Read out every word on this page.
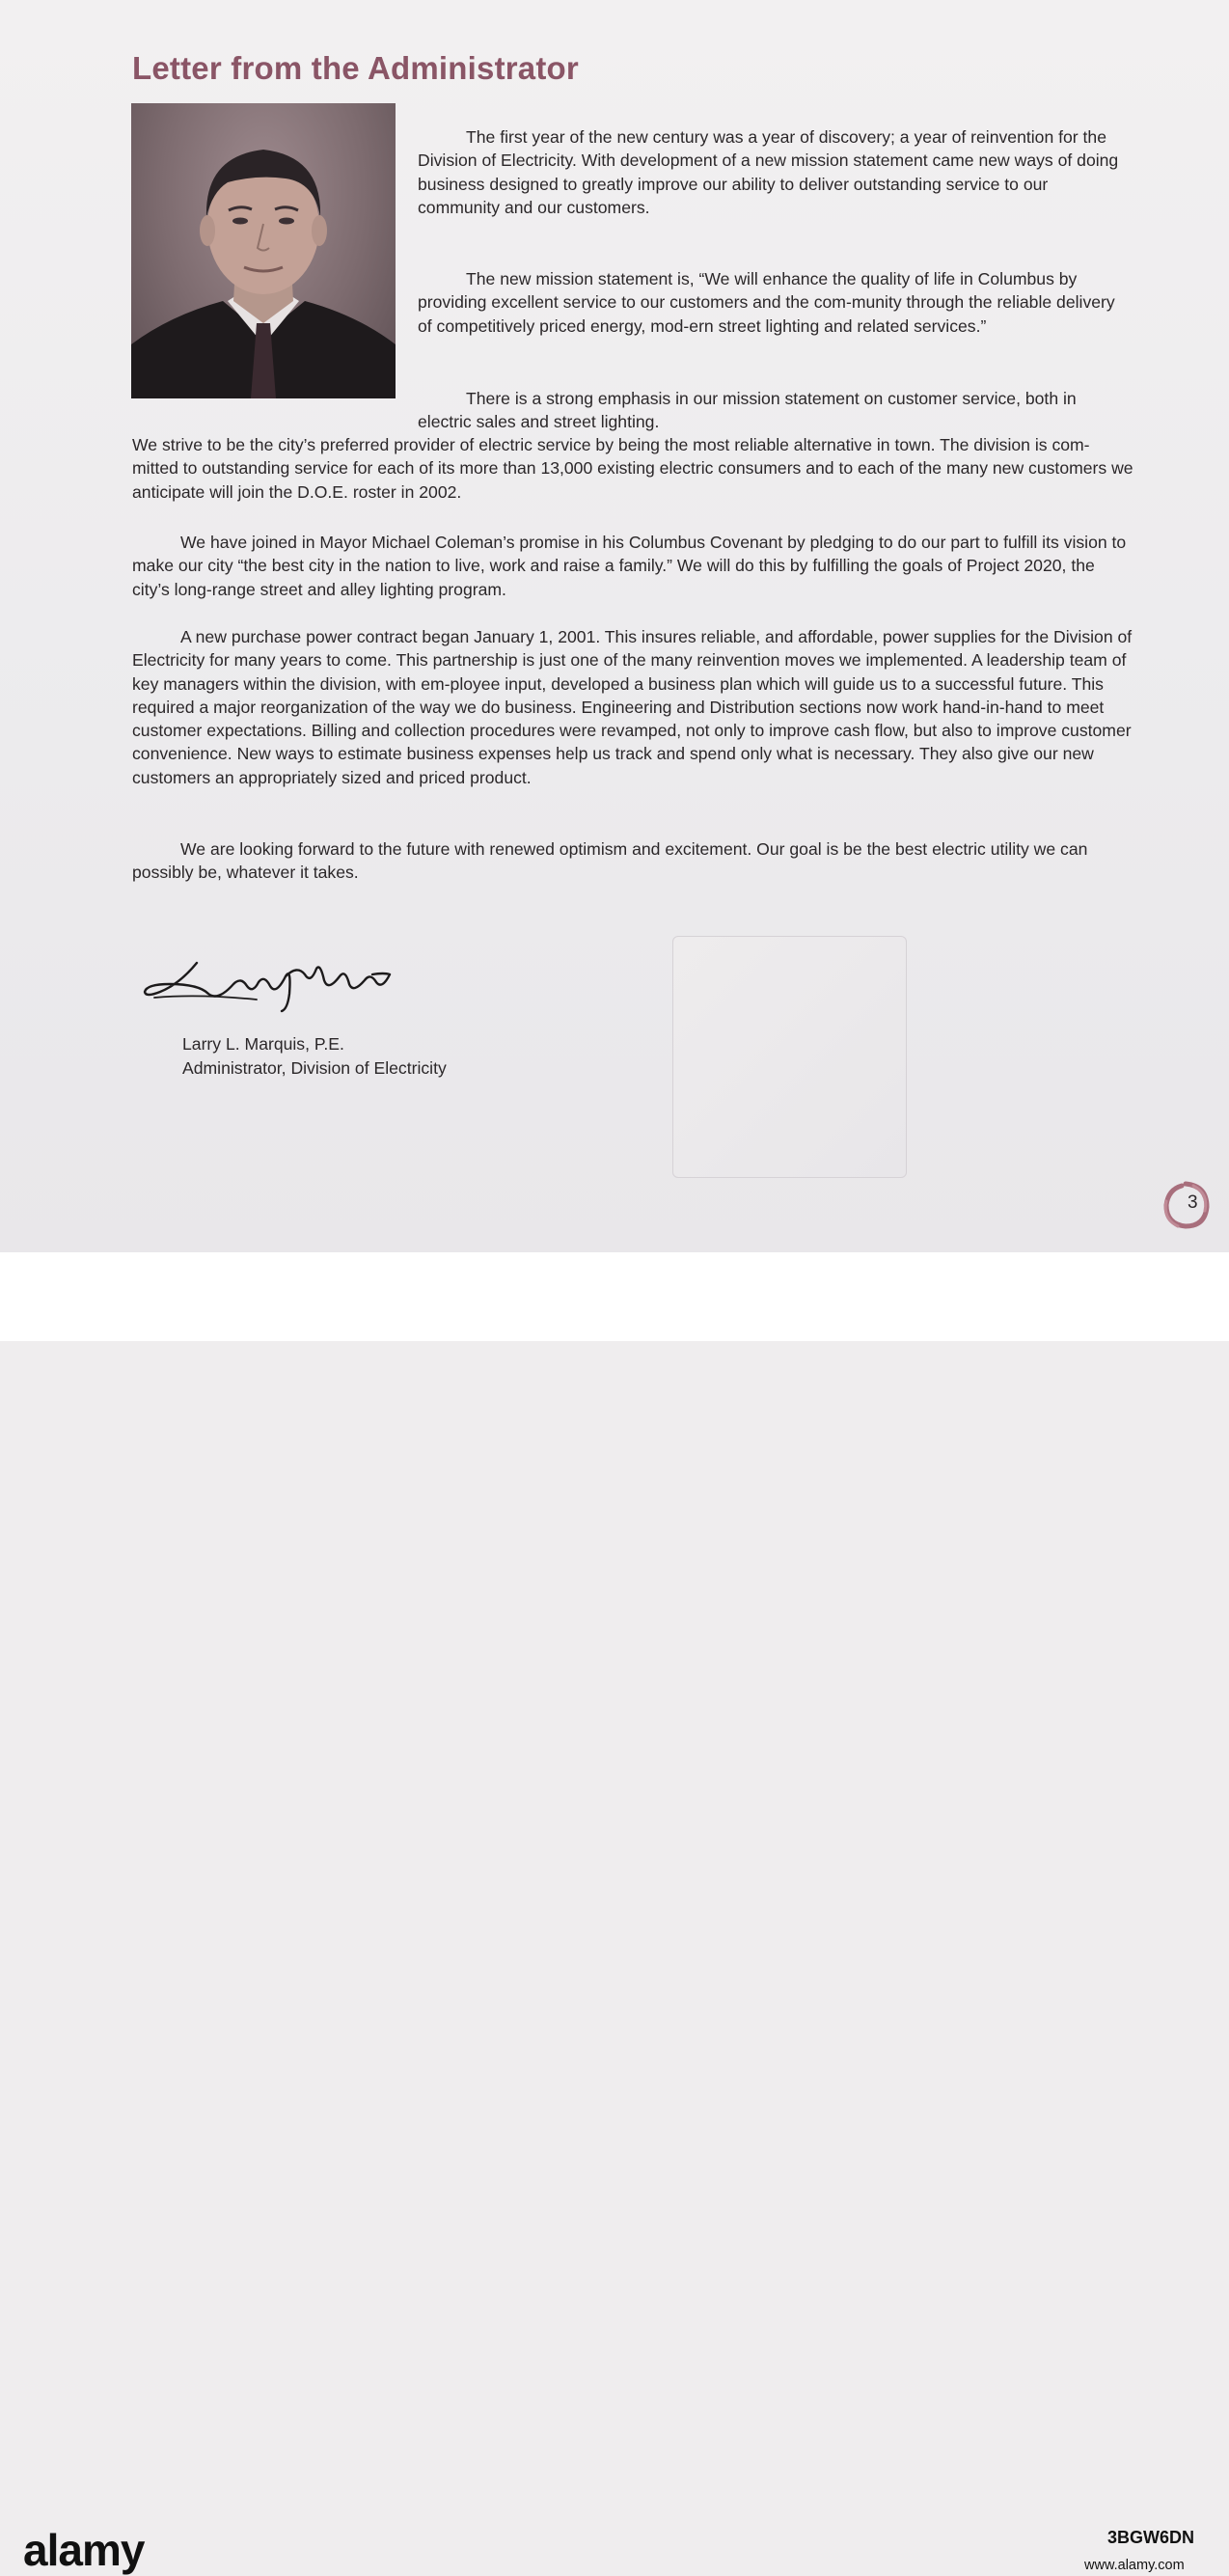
Letter from the Administrator

The first year of the new century was a year of discovery; a year of reinvention for the Division of Electricity. With development of a new mission statement came new ways of doing business designed to greatly improve our ability to deliver outstanding service to our community and our customers.

The new mission statement is, “We will enhance the quality of life in Columbus by providing excellent service to our customers and the com-munity through the reliable delivery of competitively priced energy, mod-ern street lighting and related services.”

There is a strong emphasis in our mission statement on customer service, both in electric sales and street lighting.

We strive to be the city’s preferred provider of electric service by being the most reliable alternative in town. The division is com-mitted to outstanding service for each of its more than 13,000 existing electric consumers and to each of the many new customers we anticipate will join the D.O.E. roster in 2002.

We have joined in Mayor Michael Coleman’s promise in his Columbus Covenant by pledging to do our part to fulfill its vision to make our city “the best city in the nation to live, work and raise a family.” We will do this by fulfilling the goals of Project 2020, the city’s long-range street and alley lighting program.

A new purchase power contract began January 1, 2001. This insures reliable, and affordable, power supplies for the Division of Electricity for many years to come. This partnership is just one of the many reinvention moves we implemented. A leadership team of key managers within the division, with em-ployee input, developed a business plan which will guide us to a successful future. This required a major reorganization of the way we do business. Engineering and Distribution sections now work hand-in-hand to meet customer expectations. Billing and collection procedures were revamped, not only to improve cash flow, but also to improve customer convenience. New ways to estimate business expenses help us track and spend only what is necessary. They also give our new customers an appropriately sized and priced product.

We are looking forward to the future with renewed optimism and excitement. Our goal is be the best electric utility we can possibly be, whatever it takes.

Larry L. Marquis, P.E.
Administrator, Division of Electricity
3
alamy	3BGW6DN
www.alamy.com
